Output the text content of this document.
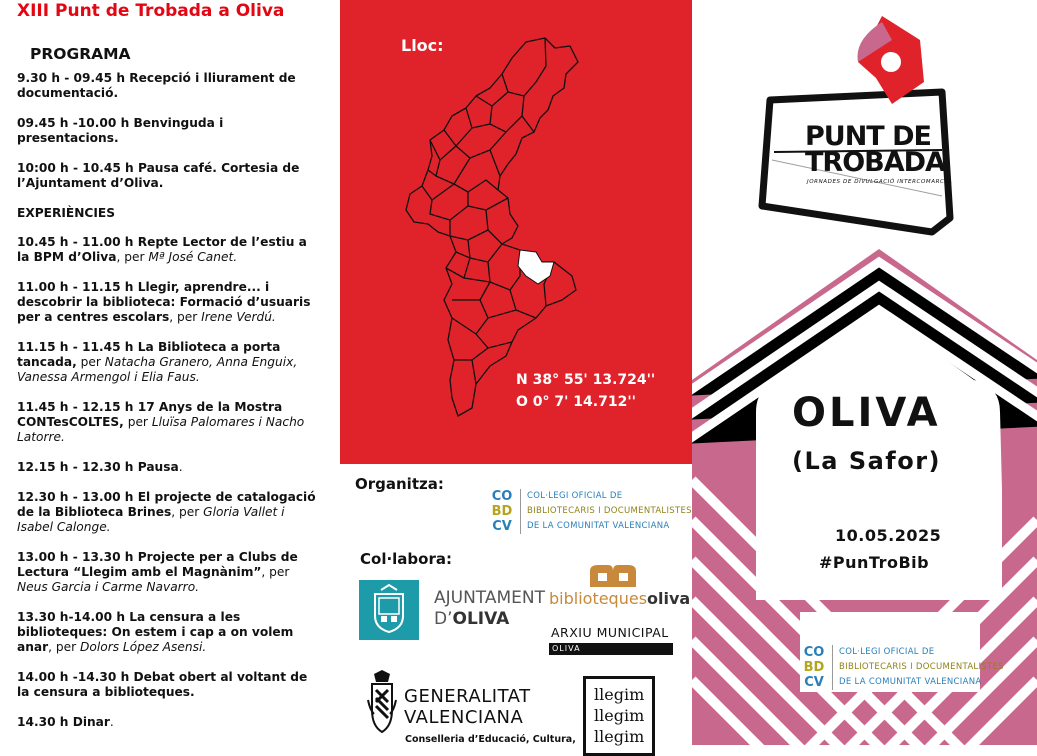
XIII Punt de Trobada a Oliva
PROGRAMA
9.30 h - 09.45 h Recepció i lliurament de documentació.
09.45 h -10.00 h Benvinguda i presentacions.
10:00 h - 10.45 h Pausa café. Cortesia de l’Ajuntament d’Oliva.
EXPERIÈNCIES
10.45 h - 11.00 h Repte Lector de l’estiu a la BPM d’Oliva, per Mª José Canet.
11.00 h - 11.15 h Llegir, aprendre... i descobrir la biblioteca: Formació d’usuaris per a centres escolars, per Irene Verdú.
11.15 h - 11.45 h La Biblioteca a porta tancada, per Natacha Granero, Anna Enguix, Vanessa Armengol i Elia Faus.
11.45 h - 12.15 h 17 Anys de la Mostra CONTesCOLTES, per Lluïsa Palomares i Nacho Latorre.
12.15 h - 12.30 h Pausa.
12.30 h - 13.00 h El projecte de catalogació de la Biblioteca Brines, per Gloria Vallet i Isabel Calonge.
13.00 h - 13.30 h Projecte per a Clubs de Lectura “Llegim amb el Magnànim”, per Neus Garcia i Carme Navarro.
13.30 h-14.00 h La censura a les biblioteques: On estem i cap a on volem anar, per Dolors López Asensi.
14.00 h -14.30 h Debat obert al voltant de la censura a biblioteques.
14.30 h Dinar.
Lloc:
N 38° 55' 13.724''
O 0° 7' 14.712''
Organitza:
CO
BD
CV
COL·LEGI OFICIAL DE
BIBLIOTECARIS I DOCUMENTALISTES
DE LA COMUNITAT VALENCIANA
Col·labora:
AJUNTAMENT
D’OLIVA
bibliotequesoliva
ARXIU MUNICIPAL
OLIVA
GENERALITAT
VALENCIANA
Conselleria d’Educació, Cultura,
llegim
llegim
llegim
PUNT DE
TROBADA
JORNADES DE DIVULGACIÓ INTERCOMARCAL
OLIVA
(La Safor)
10.05.2025
#PunTroBib
CO
BD
CV
COL·LEGI OFICIAL DE
BIBLIOTECARIS I DOCUMENTALISTES
DE LA COMUNITAT VALENCIANA
